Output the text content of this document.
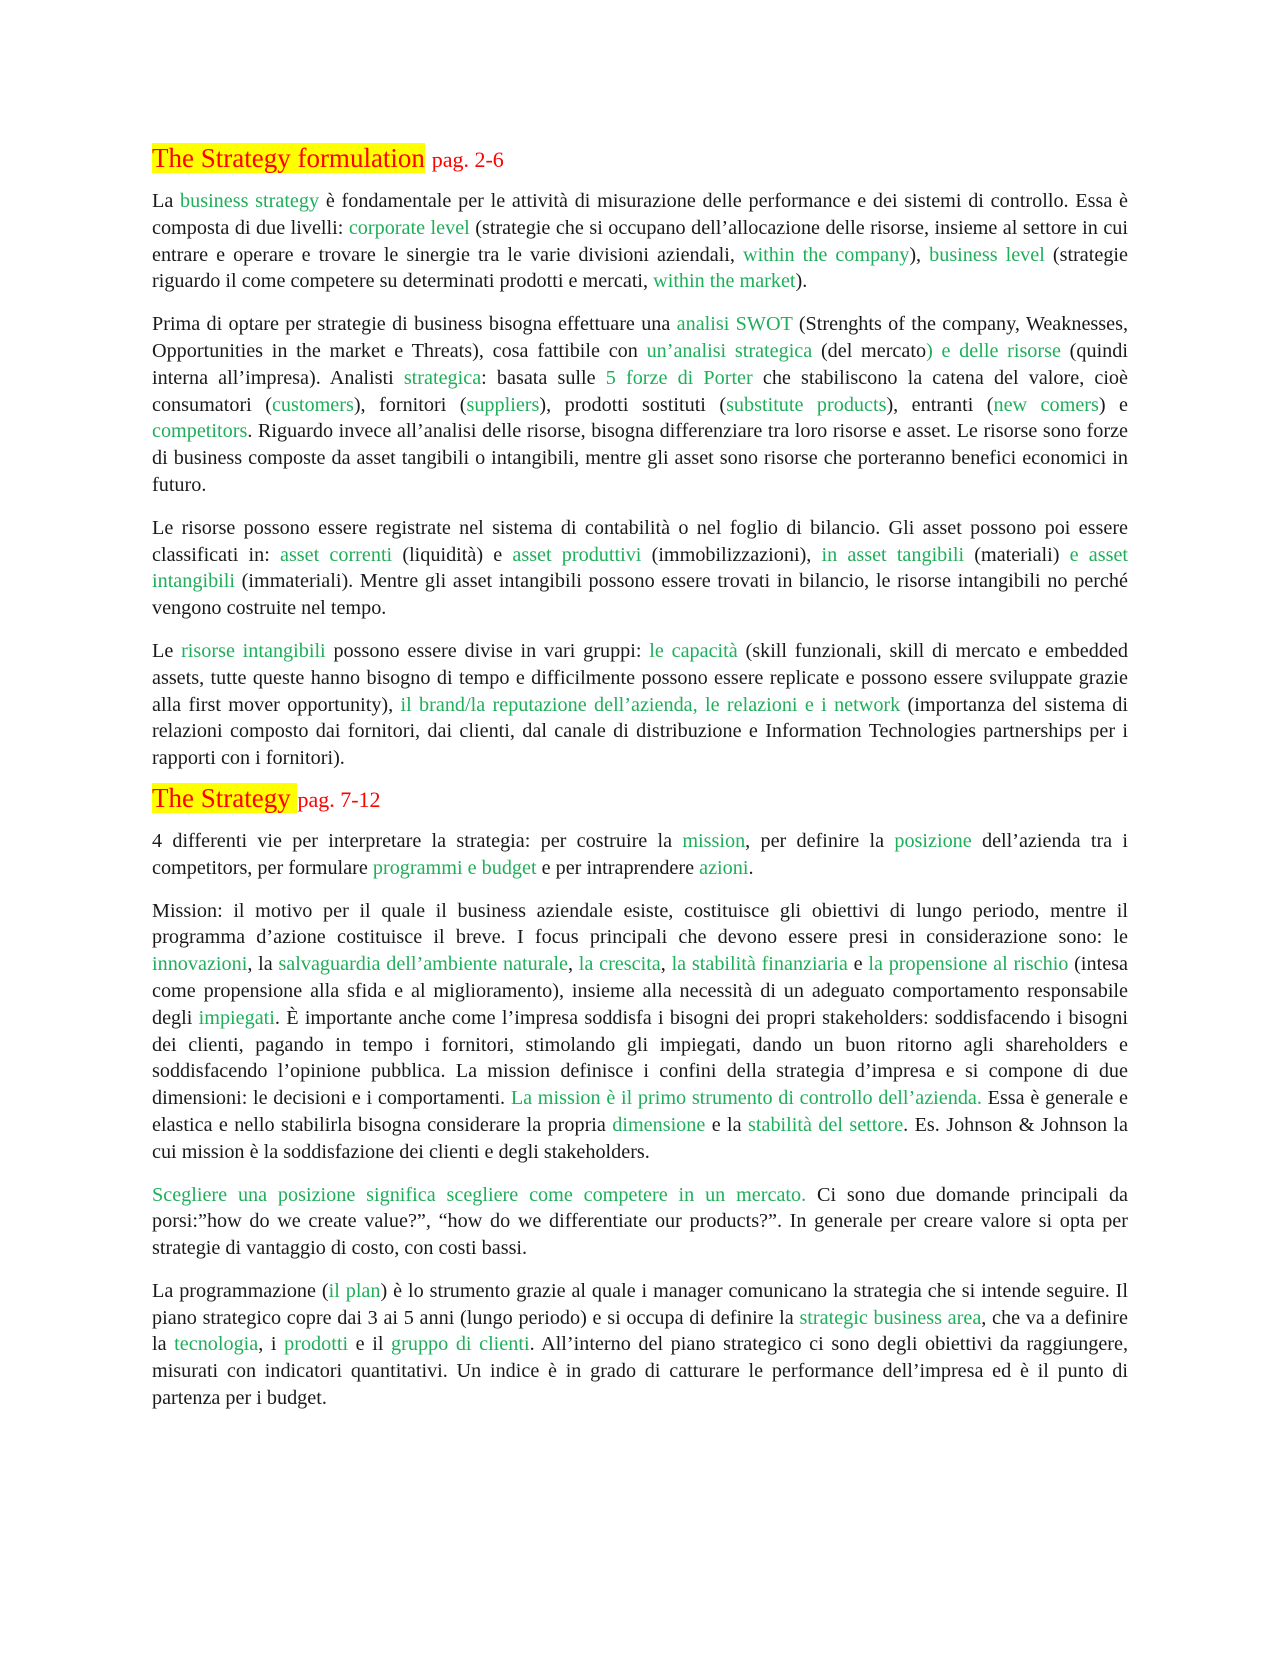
The Strategy formulation pag. 2-6

La business strategy è fondamentale per le attività di misurazione delle performance e dei sistemi di controllo. Essa è composta di due livelli: corporate level (strategie che si occupano dell’allocazione delle risorse, insieme al settore in cui entrare e operare e trovare le sinergie tra le varie divisioni aziendali, within the company), business level (strategie riguardo il come competere su determinati prodotti e mercati, within the market).

Prima di optare per strategie di business bisogna effettuare una analisi SWOT (Strenghts of the company, Weaknesses, Opportunities in the market e Threats), cosa fattibile con un’analisi strategica (del mercato) e delle risorse (quindi interna all’impresa). Analisti strategica: basata sulle 5 forze di Porter che stabiliscono la catena del valore, cioè consumatori (customers), fornitori (suppliers), prodotti sostituti (substitute products), entranti (new comers) e competitors. Riguardo invece all’analisi delle risorse, bisogna differenziare tra loro risorse e asset. Le risorse sono forze di business composte da asset tangibili o intangibili, mentre gli asset sono risorse che porteranno benefici economici in futuro.

Le risorse possono essere registrate nel sistema di contabilità o nel foglio di bilancio. Gli asset possono poi essere classificati in: asset correnti (liquidità) e asset produttivi (immobilizzazioni), in asset tangibili (materiali) e asset intangibili (immateriali). Mentre gli asset intangibili possono essere trovati in bilancio, le risorse intangibili no perché vengono costruite nel tempo.

Le risorse intangibili possono essere divise in vari gruppi: le capacità (skill funzionali, skill di mercato e embedded assets, tutte queste hanno bisogno di tempo e difficilmente possono essere replicate e possono essere sviluppate grazie alla first mover opportunity), il brand/la reputazione dell’azienda, le relazioni e i network (importanza del sistema di relazioni composto dai fornitori, dai clienti, dal canale di distribuzione e Information Technologies partnerships per i rapporti con i fornitori).

The Strategy pag. 7-12

4 differenti vie per interpretare la strategia: per costruire la mission, per definire la posizione dell’azienda tra i competitors, per formulare programmi e budget e per intraprendere azioni.

Mission: il motivo per il quale il business aziendale esiste, costituisce gli obiettivi di lungo periodo, mentre il programma d’azione costituisce il breve. I focus principali che devono essere presi in considerazione sono: le innovazioni, la salvaguardia dell’ambiente naturale, la crescita, la stabilità finanziaria e la propensione al rischio (intesa come propensione alla sfida e al miglioramento), insieme alla necessità di un adeguato comportamento responsabile degli impiegati. È importante anche come l’impresa soddisfa i bisogni dei propri stakeholders: soddisfacendo i bisogni dei clienti, pagando in tempo i fornitori, stimolando gli impiegati, dando un buon ritorno agli shareholders e soddisfacendo l’opinione pubblica. La mission definisce i confini della strategia d’impresa e si compone di due dimensioni: le decisioni e i comportamenti. La mission è il primo strumento di controllo dell’azienda. Essa è generale e elastica e nello stabilirla bisogna considerare la propria dimensione e la stabilità del settore. Es. Johnson & Johnson la cui mission è la soddisfazione dei clienti e degli stakeholders.

Scegliere una posizione significa scegliere come competere in un mercato. Ci sono due domande principali da porsi:”how do we create value?”, “how do we differentiate our products?”. In generale per creare valore si opta per strategie di vantaggio di costo, con costi bassi.

La programmazione (il plan) è lo strumento grazie al quale i manager comunicano la strategia che si intende seguire. Il piano strategico copre dai 3 ai 5 anni (lungo periodo) e si occupa di definire la strategic business area, che va a definire la tecnologia, i prodotti e il gruppo di clienti. All’interno del piano strategico ci sono degli obiettivi da raggiungere, misurati con indicatori quantitativi. Un indice è in grado di catturare le performance dell’impresa ed è il punto di partenza per i budget.
